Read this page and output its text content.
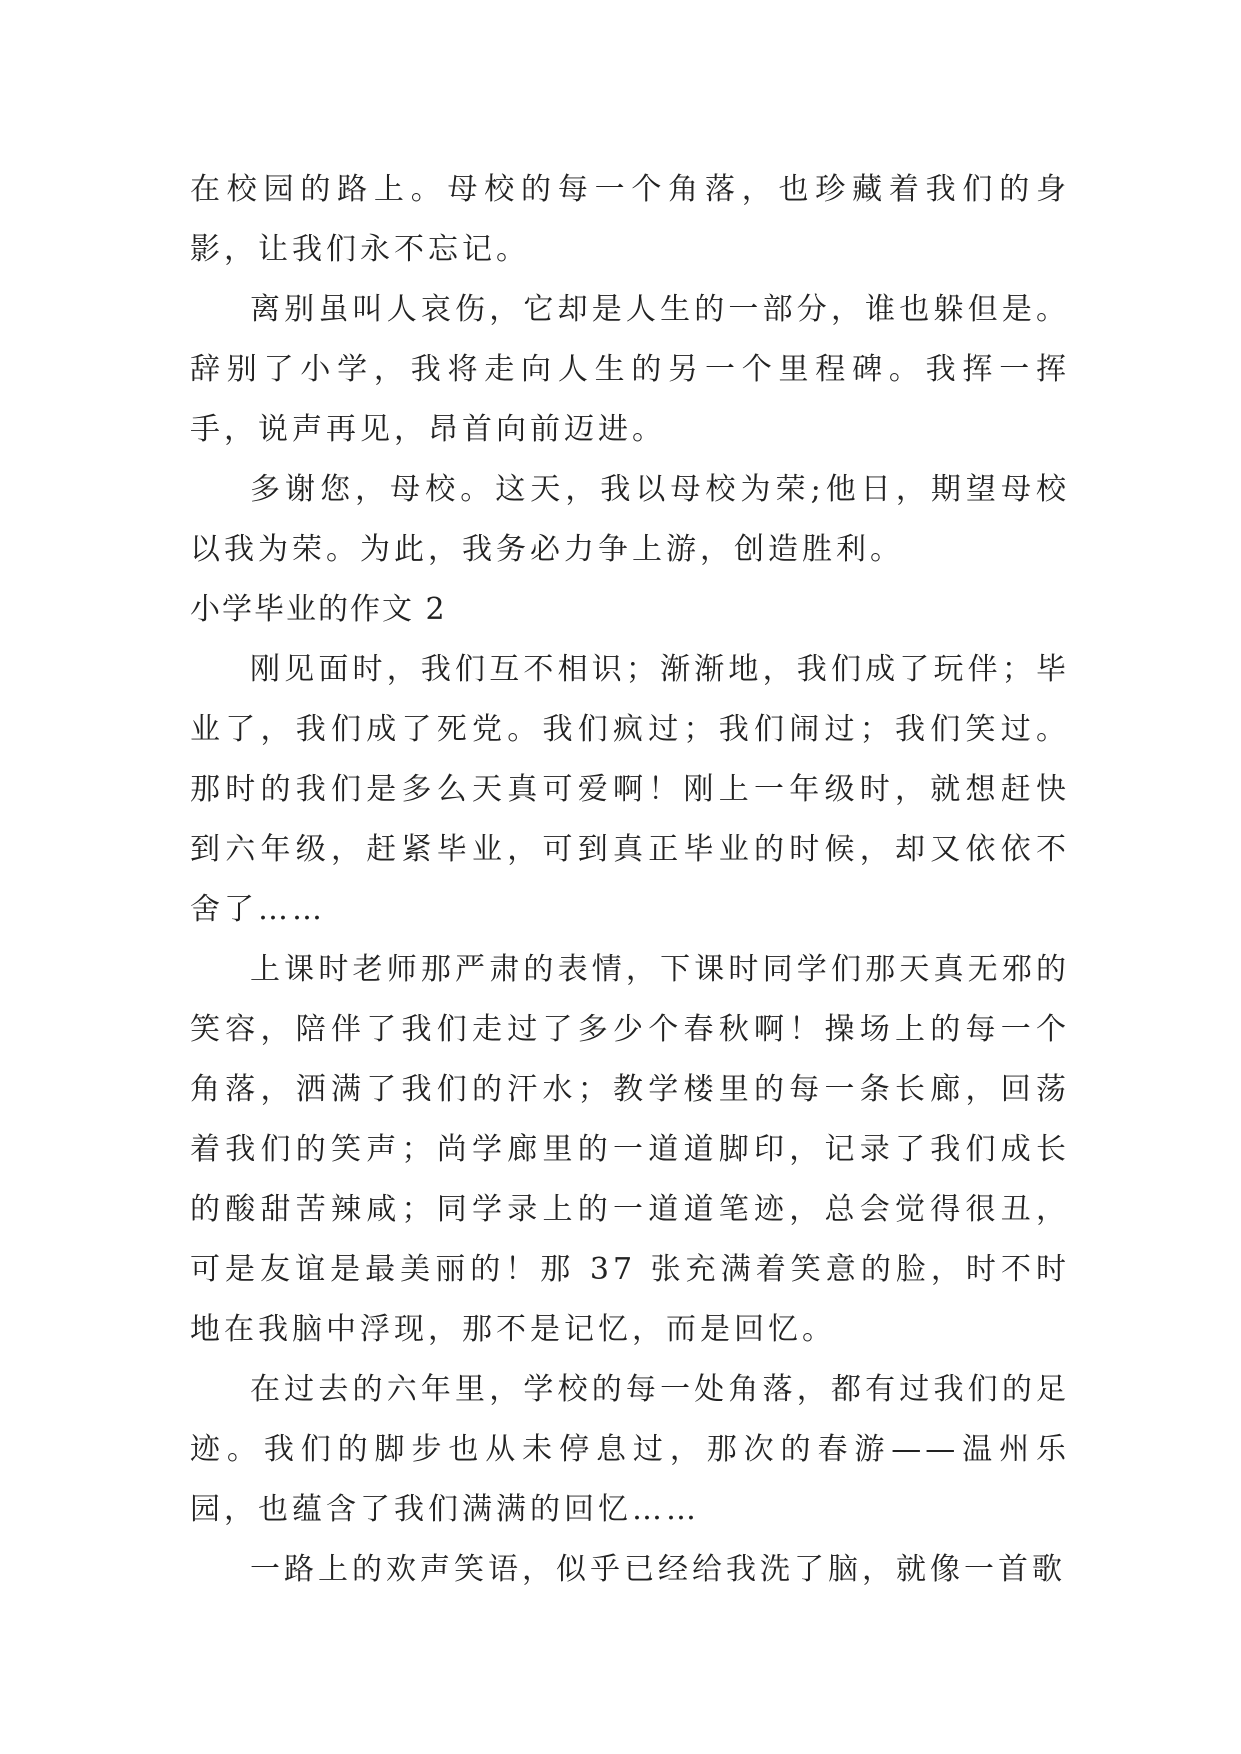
在校园的路上。母校的每一个角落，也珍藏着我们的身影，让我们永不忘记。

离别虽叫人哀伤，它却是人生的一部分，谁也躲但是。辞别了小学，我将走向人生的另一个里程碑。我挥一挥手，说声再见，昂首向前迈进。

多谢您，母校。这天，我以母校为荣;他日，期望母校以我为荣。为此，我务必力争上游，创造胜利。

小学毕业的作文 2

刚见面时，我们互不相识；渐渐地，我们成了玩伴；毕业了，我们成了死党。我们疯过；我们闹过；我们笑过。那时的我们是多么天真可爱啊！刚上一年级时，就想赶快到六年级，赶紧毕业，可到真正毕业的时候，却又依依不舍了……

上课时老师那严肃的表情，下课时同学们那天真无邪的笑容，陪伴了我们走过了多少个春秋啊！操场上的每一个角落，洒满了我们的汗水；教学楼里的每一条长廊，回荡着我们的笑声；尚学廊里的一道道脚印，记录了我们成长的酸甜苦辣咸；同学录上的一道道笔迹，总会觉得很丑，可是友谊是最美丽的！那 37 张充满着笑意的脸，时不时地在我脑中浮现，那不是记忆，而是回忆。

在过去的六年里，学校的每一处角落，都有过我们的足迹。我们的脚步也从未停息过，那次的春游——温州乐园，也蕴含了我们满满的回忆……

一路上的欢声笑语，似乎已经给我洗了脑，就像一首歌
